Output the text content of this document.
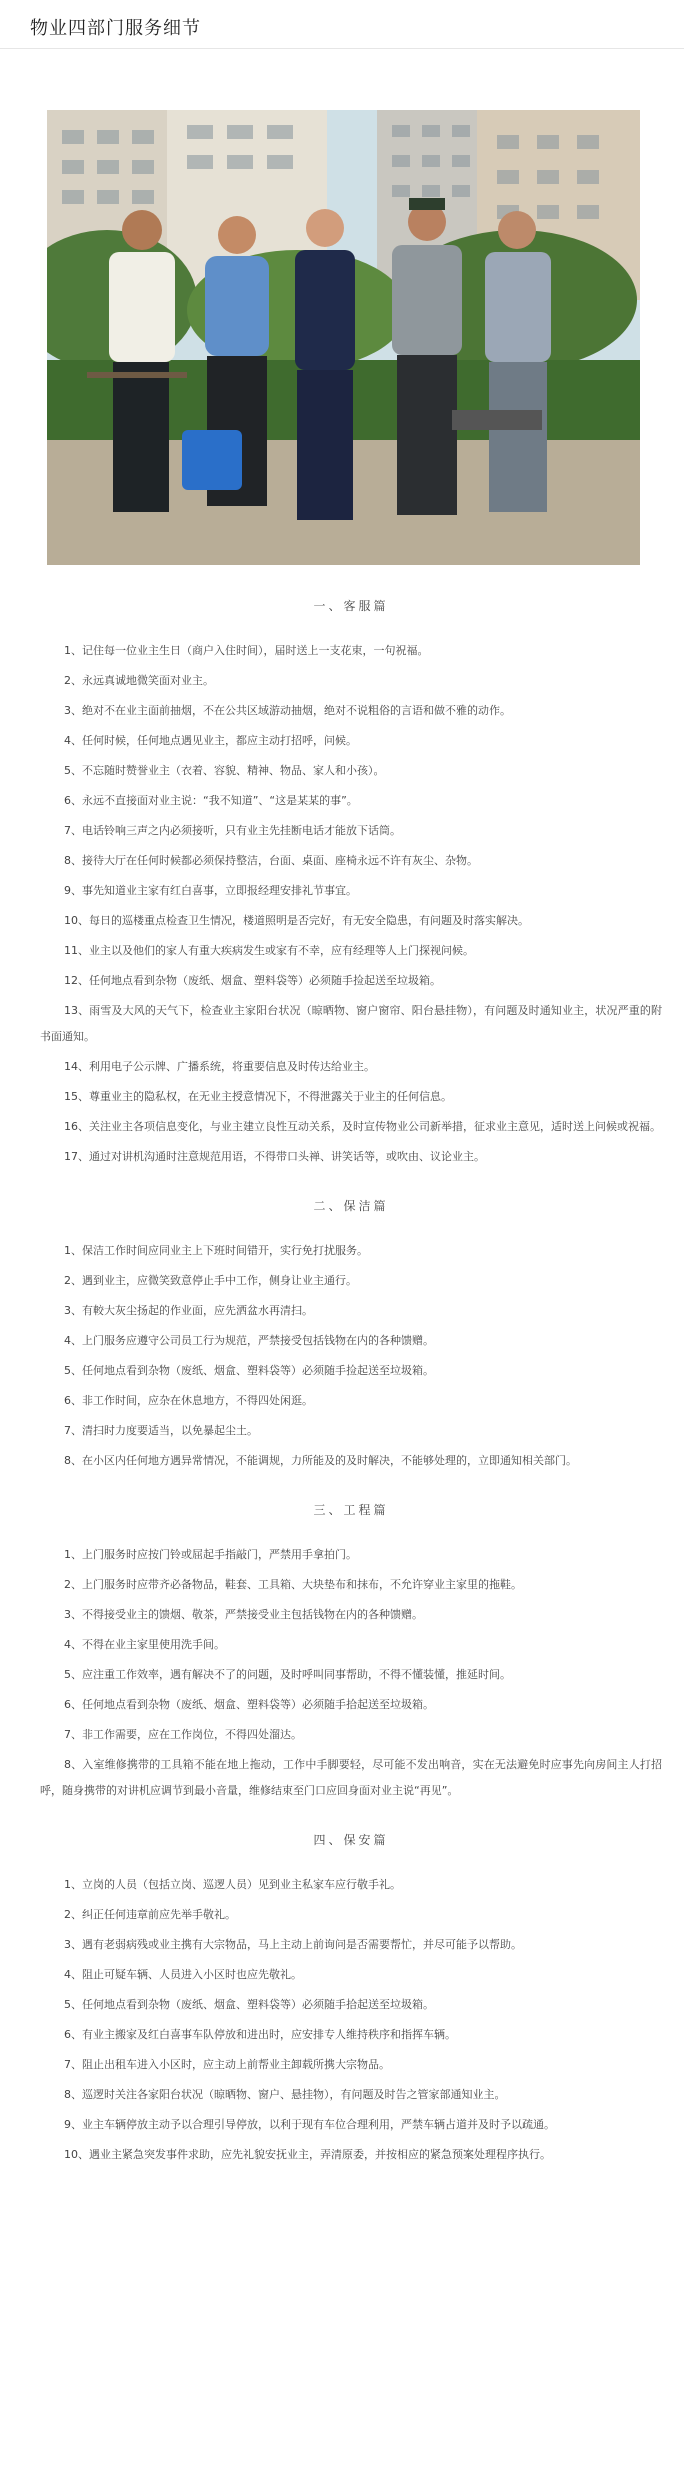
物业四部门服务细节
一、客服篇

1、记住每一位业主生日（商户入住时间），届时送上一支花束，一句祝福。

2、永远真诚地微笑面对业主。

3、绝对不在业主面前抽烟，不在公共区域游动抽烟，绝对不说粗俗的言语和做不雅的动作。

4、任何时候，任何地点遇见业主，都应主动打招呼，问候。

5、不忘随时赞誉业主（衣着、容貌、精神、物品、家人和小孩）。

6、永远不直接面对业主说：“我不知道”、“这是某某的事”。

7、电话铃响三声之内必须接听，只有业主先挂断电话才能放下话筒。

8、接待大厅在任何时候都必须保持整洁，台面、桌面、座椅永远不许有灰尘、杂物。

9、事先知道业主家有红白喜事，立即报经理安排礼节事宜。

10、每日的巡楼重点检查卫生情况，楼道照明是否完好，有无安全隐患，有问题及时落实解决。

11、业主以及他们的家人有重大疾病发生或家有不幸，应有经理等人上门探视问候。

12、任何地点看到杂物（废纸、烟盒、塑料袋等）必须随手捡起送至垃圾箱。

13、雨雪及大风的天气下，检查业主家阳台状况（晾晒物、窗户窗帘、阳台悬挂物），有问题及时通知业主，状况严重的附书面通知。

14、利用电子公示牌、广播系统，将重要信息及时传达给业主。

15、尊重业主的隐私权，在无业主授意情况下，不得泄露关于业主的任何信息。

16、关注业主各项信息变化，与业主建立良性互动关系，及时宣传物业公司新举措，征求业主意见，适时送上问候或祝福。

17、通过对讲机沟通时注意规范用语，不得带口头禅、讲笑话等，或吹由、议论业主。

二、保洁篇

1、保洁工作时间应同业主上下班时间错开，实行免打扰服务。

2、遇到业主，应微笑致意停止手中工作，侧身让业主通行。

3、有較大灰尘扬起的作业面，应先洒盆水再清扫。

4、上门服务应遵守公司员工行为规范，严禁接受包括钱物在内的各种馈赠。

5、任何地点看到杂物（废纸、烟盒、塑料袋等）必须随手捡起送至垃圾箱。

6、非工作时间，应杂在休息地方，不得四处闲逛。

7、清扫时力度要适当，以免暴起尘土。

8、在小区内任何地方遇异常情况，不能调规，力所能及的及时解决，不能够处理的，立即通知相关部门。

三、工程篇

1、上门服务时应按门铃或屈起手指敲门，严禁用手拿拍门。

2、上门服务时应带齐必备物品，鞋套、工具箱、大块垫布和抹布，不允许穿业主家里的拖鞋。

3、不得接受业主的馈烟、敬茶，严禁接受业主包括钱物在内的各种馈赠。

4、不得在业主家里使用洗手间。

5、应注重工作效率，遇有解决不了的问题，及时呼叫同事帮助，不得不懂装懂，推延时间。

6、任何地点看到杂物（废纸、烟盒、塑料袋等）必须随手拾起送至垃圾箱。

7、非工作需要，应在工作岗位，不得四处溜达。

8、入室维修携带的工具箱不能在地上拖动，工作中手脚要轻，尽可能不发出响音，实在无法避免时应事先向房间主人打招呼，随身携带的对讲机应调节到最小音量，维修结束至门口应回身面对业主说“再见”。

四、保安篇

1、立岗的人员（包括立岗、巡逻人员）见到业主私家车应行敬手礼。

2、纠正任何违章前应先举手敬礼。

3、遇有老弱病残或业主携有大宗物品，马上主动上前询问是否需要帮忙，并尽可能予以帮助。

4、阻止可疑车辆、人员进入小区时也应先敬礼。

5、任何地点看到杂物（废纸、烟盒、塑料袋等）必须随手拾起送至垃圾箱。

6、有业主搬家及红白喜事车队停放和进出时，应安排专人维持秩序和指挥车辆。

7、阻止出租车进入小区时，应主动上前帮业主卸载所携大宗物品。

8、巡逻时关注各家阳台状况（晾晒物、窗户、悬挂物），有问题及时告之管家部通知业主。

9、业主车辆停放主动予以合理引导停放，以利于现有车位合理利用，严禁车辆占道并及时予以疏通。

10、遇业主紧急突发事件求助，应先礼貌安抚业主，弄清原委，并按相应的紧急预案处理程序执行。
